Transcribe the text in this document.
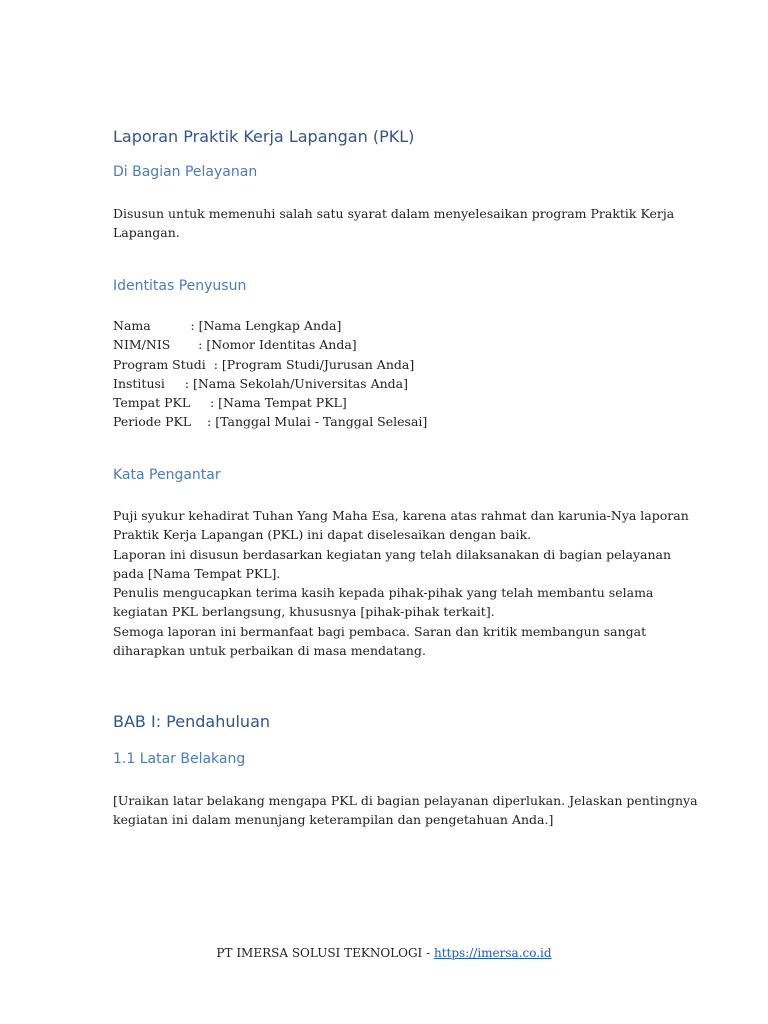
Laporan Praktik Kerja Lapangan (PKL)
Di Bagian Pelayanan
Disusun untuk memenuhi salah satu syarat dalam menyelesaikan program Praktik Kerja
Lapangan.
Identitas Penyusun
Nama          : [Nama Lengkap Anda]
NIM/NIS       : [Nomor Identitas Anda]
Program Studi  : [Program Studi/Jurusan Anda]
Institusi     : [Nama Sekolah/Universitas Anda]
Tempat PKL     : [Nama Tempat PKL]
Periode PKL    : [Tanggal Mulai - Tanggal Selesai]
Kata Pengantar
Puji syukur kehadirat Tuhan Yang Maha Esa, karena atas rahmat dan karunia-Nya laporan
Praktik Kerja Lapangan (PKL) ini dapat diselesaikan dengan baik.
Laporan ini disusun berdasarkan kegiatan yang telah dilaksanakan di bagian pelayanan
pada [Nama Tempat PKL].
Penulis mengucapkan terima kasih kepada pihak-pihak yang telah membantu selama
kegiatan PKL berlangsung, khususnya [pihak-pihak terkait].
Semoga laporan ini bermanfaat bagi pembaca. Saran dan kritik membangun sangat
diharapkan untuk perbaikan di masa mendatang.
BAB I: Pendahuluan
1.1 Latar Belakang
[Uraikan latar belakang mengapa PKL di bagian pelayanan diperlukan. Jelaskan pentingnya
kegiatan ini dalam menunjang keterampilan dan pengetahuan Anda.]
PT IMERSA SOLUSI TEKNOLOGI - https://imersa.co.id
